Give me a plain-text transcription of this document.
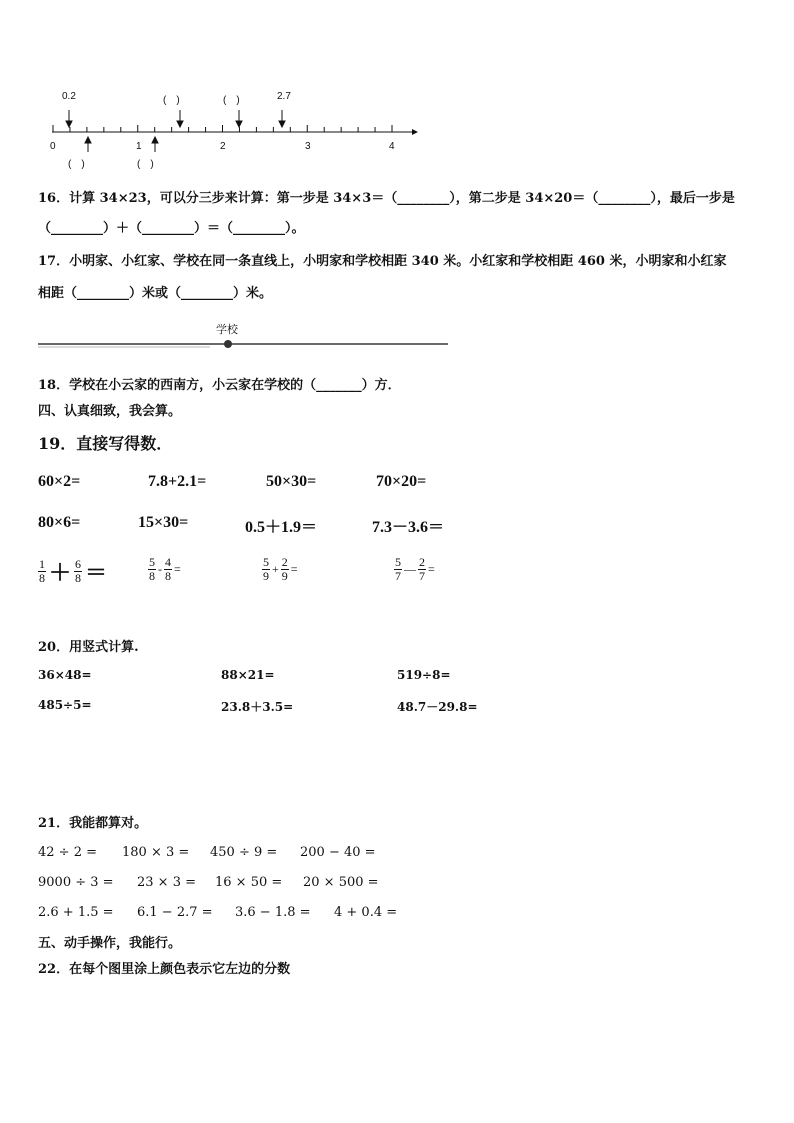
0.2	(　)	(　)	2.7
0	1	2	3	4
(　)	(　)
16．计算 34×23，可以分三步来计算：第一步是 34×3＝（________），第二步是 34×20＝（________），最后一步是
（________）＋（________）＝（________）。
17．小明家、小红家、学校在同一条直线上，小明家和学校相距 340 米。小红家和学校相距 460 米，小明家和小红家
相距（________）米或（________）米。
学校
18．学校在小云家的西南方，小云家在学校的（_______）方．
四、认真细致，我会算。
19．直接写得数．
60×2=	7.8+2.1=	50×30=	70×20=
80×6=	15×30=	0.5＋1.9＝	7.3－3.6＝
$\frac{1}{8} + \frac{6}{8}$ ＝	$\frac{5}{8} - \frac{4}{8}$ =	$\frac{5}{9} + \frac{2}{9}$ =	$\frac{5}{7}$ — $\frac{2}{7}$ =
20．用竖式计算.
36×48=	88×21=	519÷8=
485÷5=	23.8＋3.5=	48.7－29.8=
21．我能都算对。
42 ÷ 2 = 180 × 3 = 450 ÷ 9 = 200 − 40 =
9000 ÷ 3 = 23 × 3 = 16 × 50 = 20 × 500 =
2.6 + 1.5 = 6.1 − 2.7 = 3.6 − 1.8 = 4 + 0.4 =
五、动手操作，我能行。
22．在每个图里涂上颜色表示它左边的分数
